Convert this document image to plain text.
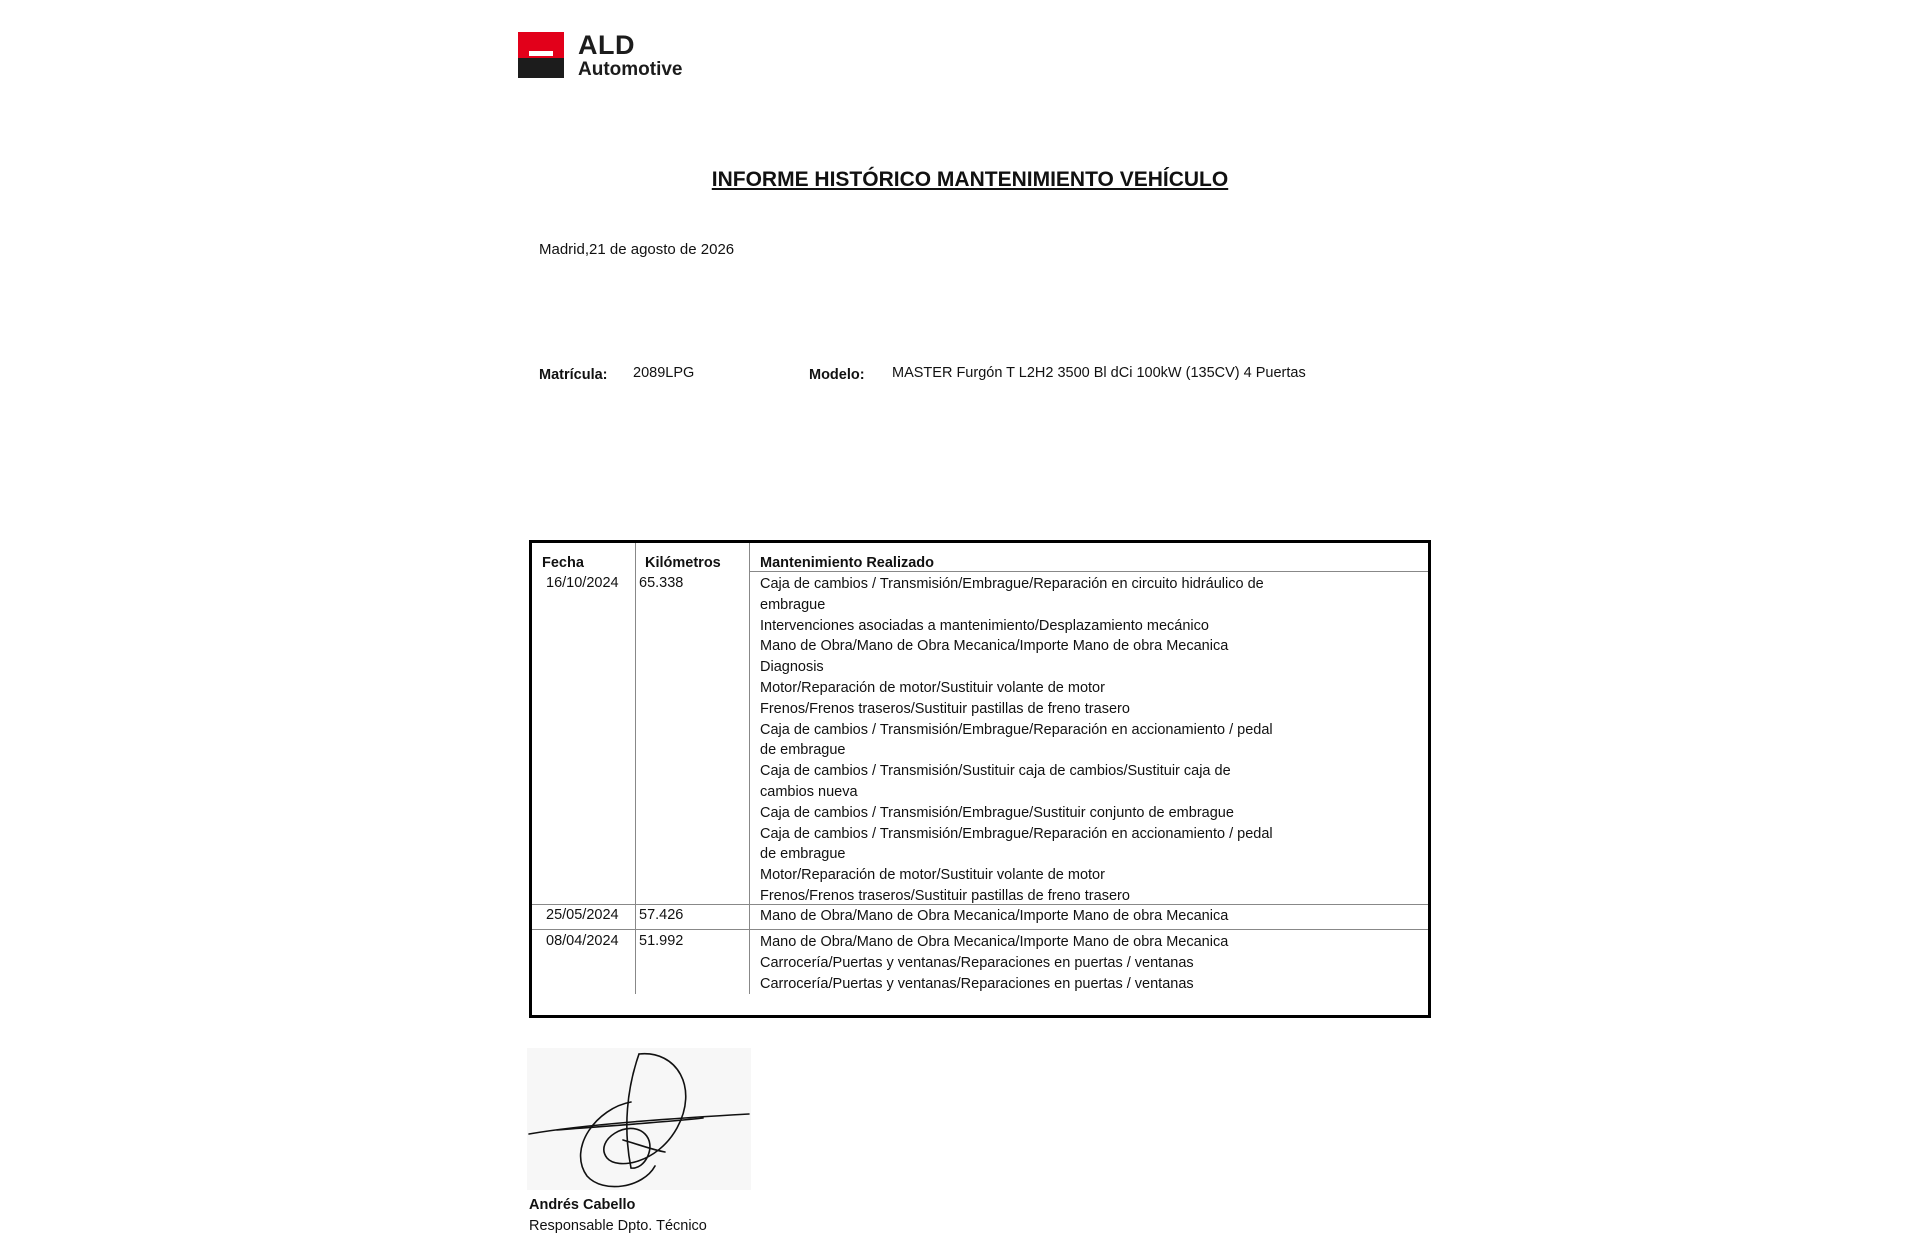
ALD
Automotive
INFORME HISTÓRICO MANTENIMIENTO VEHÍCULO
Madrid,21 de agosto de 2026
Matrícula: 2089LPG	Modelo: MASTER Furgón T L2H2 3500 Bl dCi 100kW (135CV) 4 Puertas
Fecha	Kilómetros	Mantenimiento Realizado
16/10/2024 65.338	Caja de cambios / Transmisión/Embrague/Reparación en circuito hidráulico de
embrague
Intervenciones asociadas a mantenimiento/Desplazamiento mecánico
Mano de Obra/Mano de Obra Mecanica/Importe Mano de obra Mecanica
Diagnosis
Motor/Reparación de motor/Sustituir volante de motor
Frenos/Frenos traseros/Sustituir pastillas de freno trasero
Caja de cambios / Transmisión/Embrague/Reparación en accionamiento / pedal
de embrague
Caja de cambios / Transmisión/Sustituir caja de cambios/Sustituir caja de
cambios nueva
Caja de cambios / Transmisión/Embrague/Sustituir conjunto de embrague
Caja de cambios / Transmisión/Embrague/Reparación en accionamiento / pedal
de embrague
Motor/Reparación de motor/Sustituir volante de motor
Frenos/Frenos traseros/Sustituir pastillas de freno trasero
25/05/2024 57.426	Mano de Obra/Mano de Obra Mecanica/Importe Mano de obra Mecanica
08/04/2024 51.992	Mano de Obra/Mano de Obra Mecanica/Importe Mano de obra Mecanica
Carrocería/Puertas y ventanas/Reparaciones en puertas / ventanas
Carrocería/Puertas y ventanas/Reparaciones en puertas / ventanas
Andrés Cabello
Responsable Dpto. Técnico
